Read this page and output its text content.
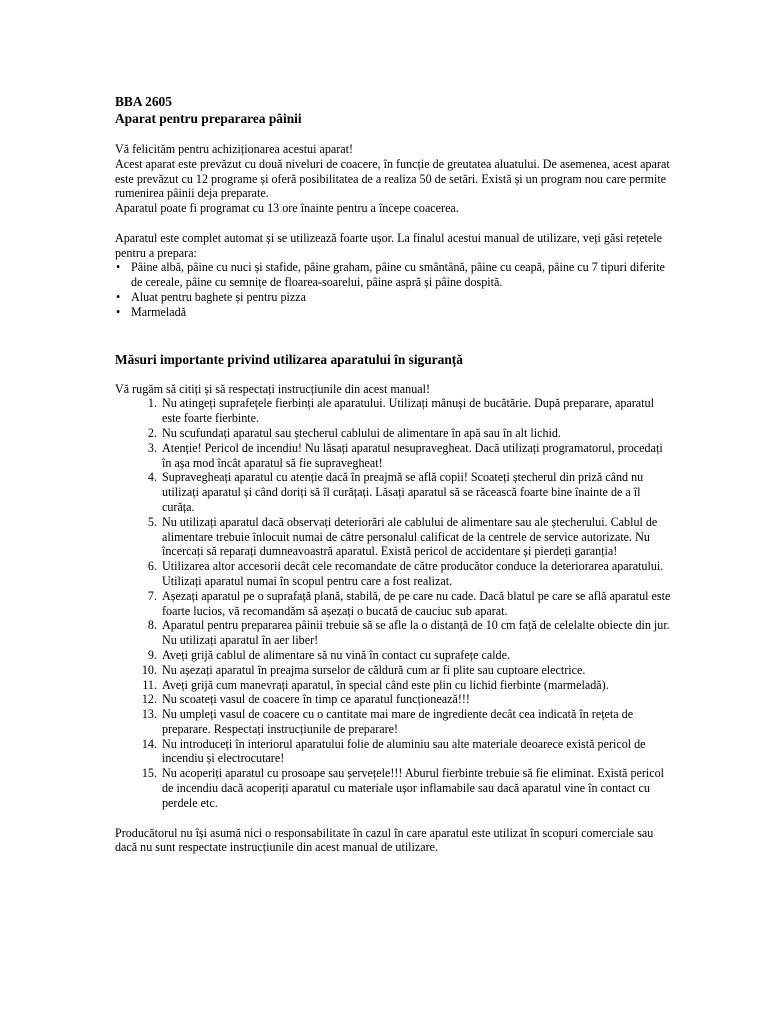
BBA 2605

Aparat pentru prepararea pâinii

Vă felicităm pentru achiziționarea acestui aparat!

Acest aparat este prevăzut cu două niveluri de coacere, în funcție de greutatea aluatului. De asemenea, acest aparat este prevăzut cu 12 programe și oferă posibilitatea de a realiza 50 de setări. Există și un program nou care permite rumenirea pâinii deja preparate.

Aparatul poate fi programat cu 13 ore înainte pentru a începe coacerea.

Aparatul este complet automat și se utilizează foarte ușor. La finalul acestui manual de utilizare, veți găsi rețetele pentru a prepara:

• Pâine albă, pâine cu nuci și stafide, pâine graham, pâine cu smântână, pâine cu ceapă, pâine cu 7 tipuri diferite de cereale, pâine cu semnițe de floarea-soarelui, pâine aspră și pâine dospită.
• Aluat pentru baghete și pentru pizza
• Marmeladă

Măsuri importante privind utilizarea aparatului în siguranță

Vă rugăm să citiți și să respectați instrucțiunile din acest manual!

1. Nu atingeți suprafețele fierbinți ale aparatului. Utilizați mânuși de bucătărie. După preparare, aparatul este foarte fierbinte.
2. Nu scufundați aparatul sau ștecherul cablului de alimentare în apă sau în alt lichid.
3. Atenție! Pericol de incendiu! Nu lăsați aparatul nesupravegheat. Dacă utilizați programatorul, procedați în așa mod încât aparatul să fie supravegheat!
4. Supravegheați aparatul cu atenție dacă în preajmă se află copii! Scoateți ștecherul din priză când nu utilizați aparatul și când doriți să îl curățați. Lăsați aparatul să se răcească foarte bine înainte de a îl curăța.
5. Nu utilizați aparatul dacă observați deteriorări ale cablului de alimentare sau ale ștecherului. Cablul de alimentare trebuie înlocuit numai de către personalul calificat de la centrele de service autorizate. Nu încercați să reparați dumneavoastră aparatul. Există pericol de accidentare și pierdeți garanția!
6. Utilizarea altor accesorii decât cele recomandate de către producător conduce la deteriorarea aparatului. Utilizați aparatul numai în scopul pentru care a fost realizat.
7. Așezați aparatul pe o suprafață plană, stabilă, de pe care nu cade. Dacă blatul pe care se află aparatul este foarte lucios, vă recomandăm să așezați o bucată de cauciuc sub aparat.
8. Aparatul pentru prepararea pâinii trebuie să se afle la o distanță de 10 cm față de celelalte obiecte din jur. Nu utilizați aparatul în aer liber!
9. Aveți grijă cablul de alimentare să nu vină în contact cu suprafețe calde.
10. Nu așezați aparatul în preajma surselor de căldură cum ar fi plite sau cuptoare electrice.
11. Aveți grijă cum manevrați aparatul, în special când este plin cu lichid fierbinte (marmeladă).
12. Nu scoateți vasul de coacere în timp ce aparatul funcționează!!!
13. Nu umpleți vasul de coacere cu o cantitate mai mare de ingrediente decât cea indicată în rețeta de preparare. Respectați instrucțiunile de preparare!
14. Nu introduceți în interiorul aparatului folie de aluminiu sau alte materiale deoarece există pericol de incendiu și electrocutare!
15. Nu acoperiți aparatul cu prosoape sau șervețele!!! Aburul fierbinte trebuie să fie eliminat. Există pericol de incendiu dacă acoperiți aparatul cu materiale ușor inflamabile sau dacă aparatul vine în contact cu perdele etc.

Producătorul nu își asumă nici o responsabilitate în cazul în care aparatul este utilizat în scopuri comerciale sau dacă nu sunt respectate instrucțiunile din acest manual de utilizare.
